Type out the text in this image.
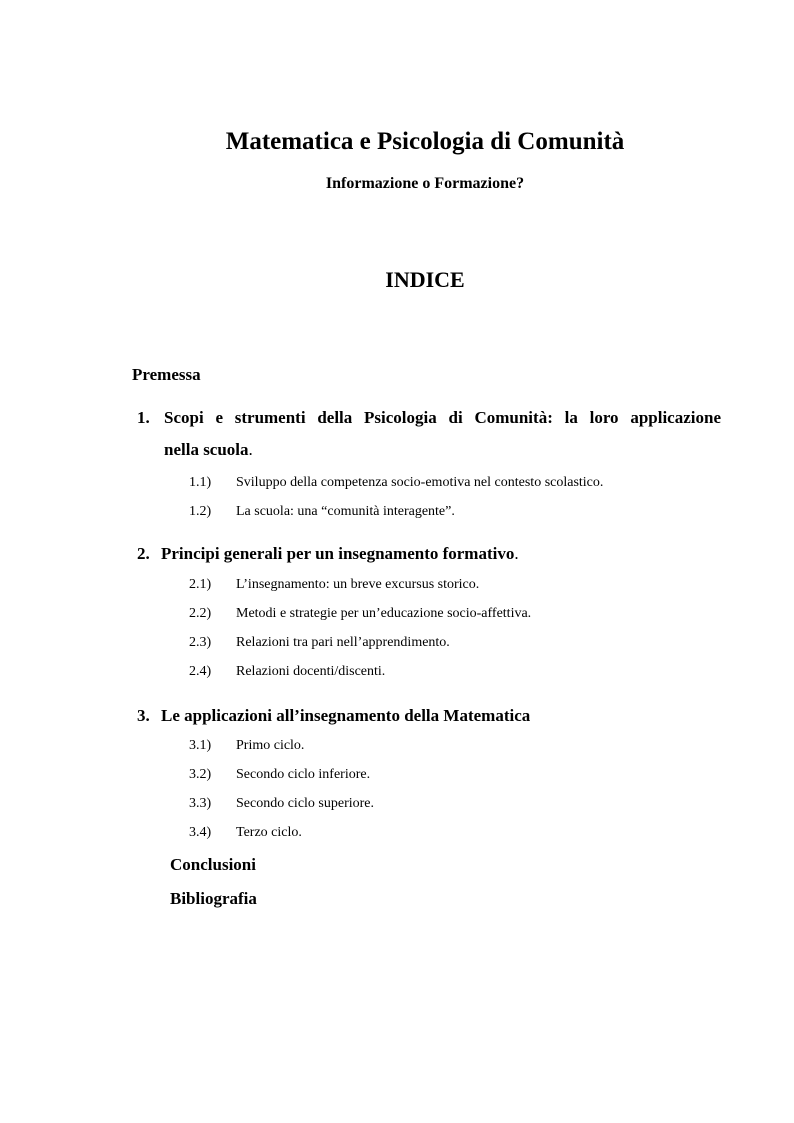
Matematica e Psicologia di Comunità
Informazione o Formazione?
INDICE
Premessa
1. Scopi e strumenti della Psicologia di Comunità: la loro applicazione
nella scuola.
1.1) Sviluppo della competenza socio-emotiva nel contesto scolastico.
1.2) La scuola: una “comunità interagente”.
2. Principi generali per un insegnamento formativo.
2.1) L’insegnamento: un breve excursus storico.
2.2) Metodi e strategie per un’educazione socio-affettiva.
2.3) Relazioni tra pari nell’apprendimento.
2.4) Relazioni docenti/discenti.
3. Le applicazioni all’insegnamento della Matematica
3.1) Primo ciclo.
3.2) Secondo ciclo inferiore.
3.3) Secondo ciclo superiore.
3.4) Terzo ciclo.
Conclusioni
Bibliografia
